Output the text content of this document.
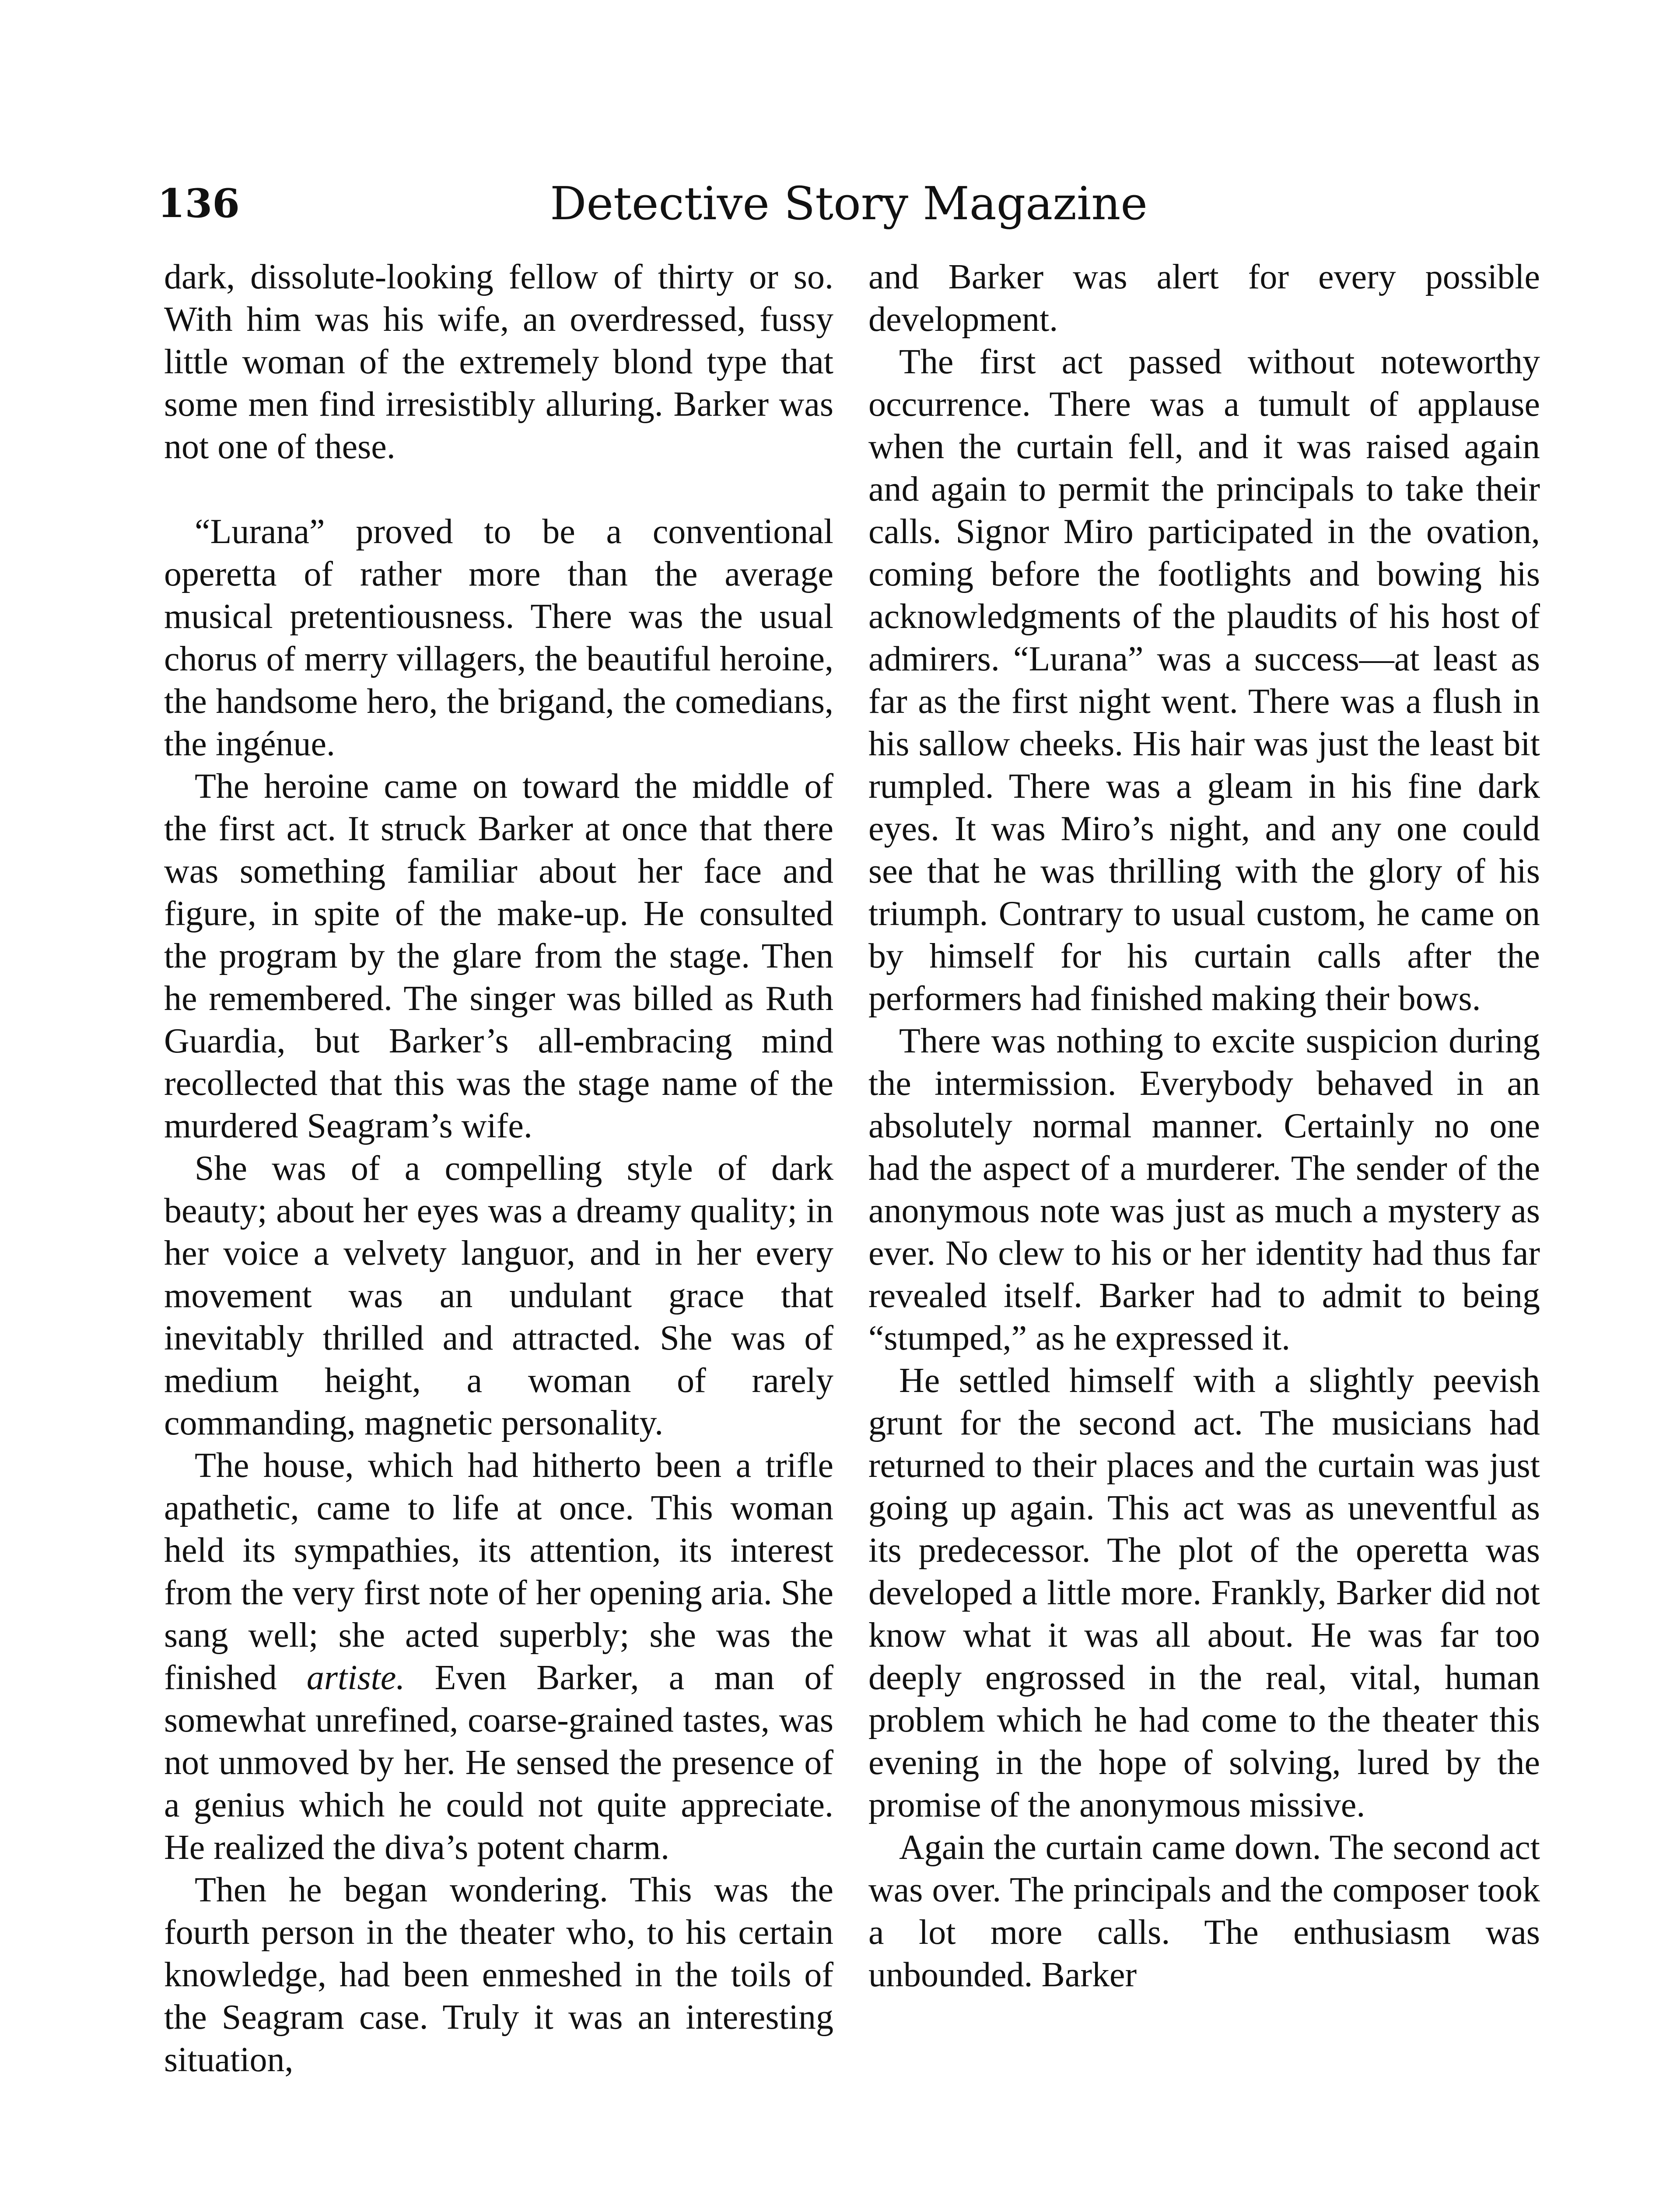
136	Detective Story Magazine

dark, dissolute-looking fellow of thirty or so. With him was his wife, an overdressed, fussy little woman of the extremely blond type that some men find irresistibly alluring. Barker was not one of these.

“Lurana” proved to be a conventional operetta of rather more than the average musical pretentiousness. There was the usual chorus of merry villagers, the beautiful heroine, the handsome hero, the brigand, the comedians, the ingénue.

The heroine came on toward the middle of the first act. It struck Barker at once that there was something familiar about her face and figure, in spite of the make-up. He consulted the program by the glare from the stage. Then he remembered. The singer was billed as Ruth Guardia, but Barker’s all-embracing mind recollected that this was the stage name of the murdered Seagram’s wife.

She was of a compelling style of dark beauty; about her eyes was a dreamy quality; in her voice a velvety languor, and in her every movement was an undulant grace that inevitably thrilled and attracted. She was of medium height, a woman of rarely commanding, magnetic personality.

The house, which had hitherto been a trifle apathetic, came to life at once. This woman held its sympathies, its attention, its interest from the very first note of her opening aria. She sang well; she acted superbly; she was the finished artiste. Even Barker, a man of somewhat unrefined, coarse-grained tastes, was not unmoved by her. He sensed the presence of a genius which he could not quite appreciate. He realized the diva’s potent charm.

Then he began wondering. This was the fourth person in the theater who, to his certain knowledge, had been enmeshed in the toils of the Seagram case. Truly it was an interesting situation,

and Barker was alert for every possible development.

The first act passed without noteworthy occurrence. There was a tumult of applause when the curtain fell, and it was raised again and again to permit the principals to take their calls. Signor Miro participated in the ovation, coming before the footlights and bowing his acknowledgments of the plaudits of his host of admirers. “Lurana” was a success—at least as far as the first night went. There was a flush in his sallow cheeks. His hair was just the least bit rumpled. There was a gleam in his fine dark eyes. It was Miro’s night, and any one could see that he was thrilling with the glory of his triumph. Contrary to usual custom, he came on by himself for his curtain calls after the performers had finished making their bows.

There was nothing to excite suspicion during the intermission. Everybody behaved in an absolutely normal manner. Certainly no one had the aspect of a murderer. The sender of the anonymous note was just as much a mystery as ever. No clew to his or her identity had thus far revealed itself. Barker had to admit to being “stumped,” as he expressed it.

He settled himself with a slightly peevish grunt for the second act. The musicians had returned to their places and the curtain was just going up again. This act was as uneventful as its predecessor. The plot of the operetta was developed a little more. Frankly, Barker did not know what it was all about. He was far too deeply engrossed in the real, vital, human problem which he had come to the theater this evening in the hope of solving, lured by the promise of the anonymous missive.

Again the curtain came down. The second act was over. The principals and the composer took a lot more calls. The enthusiasm was unbounded. Barker
